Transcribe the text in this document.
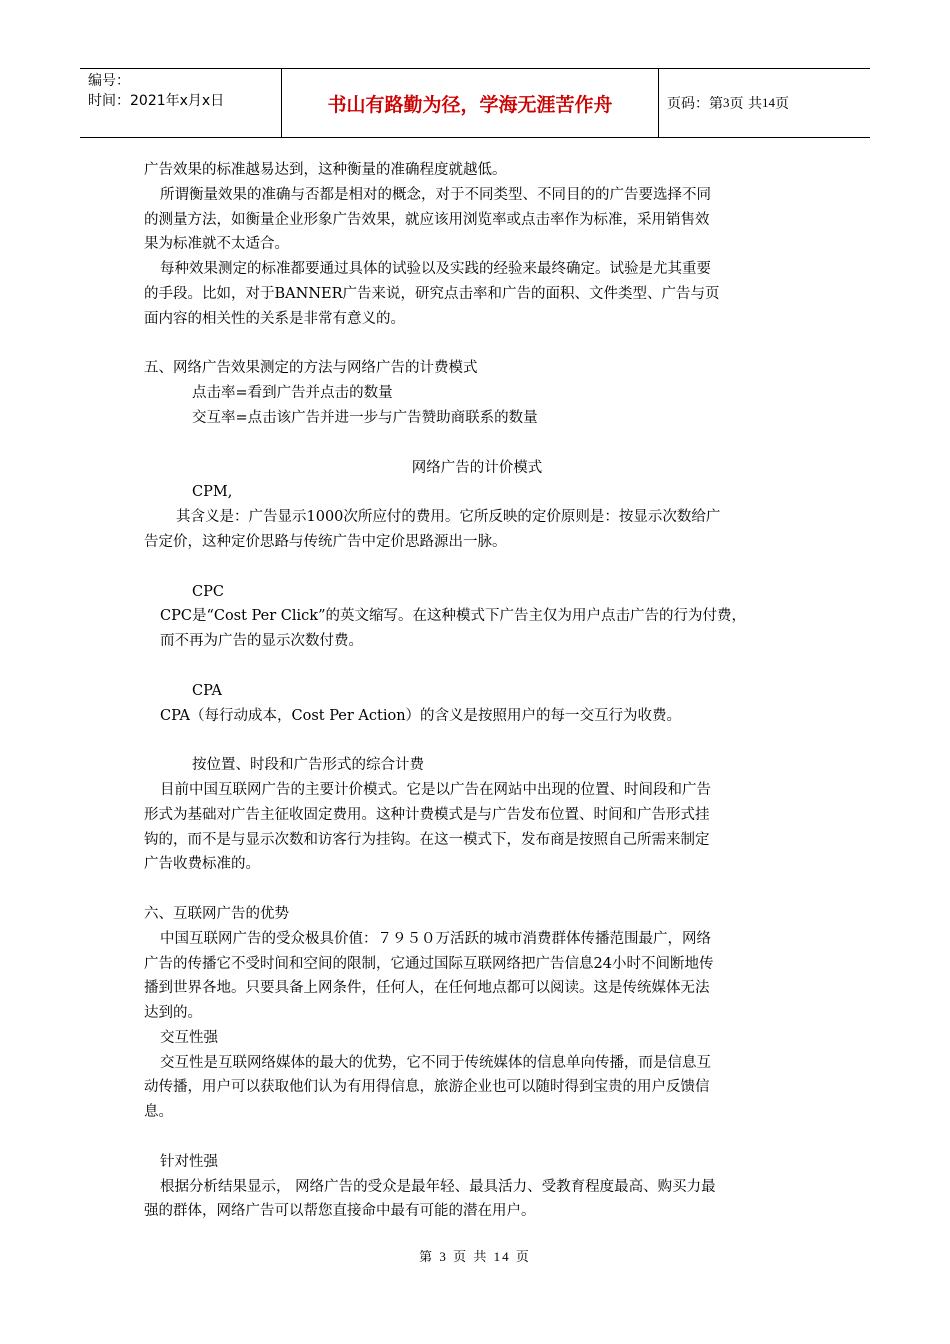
编号：
时间：2021年x月x日	书山有路勤为径，学海无涯苦作舟	页码：第 3 页 共 14 页

广告效果的标准越易达到，这种衡量的准确程度就越低。

所谓衡量效果的准确与否都是相对的概念，对于不同类型、不同目的的广告要选择不同

的测量方法，如衡量企业形象广告效果，就应该用浏览率或点击率作为标准，采用销售效

果为标准就不太适合。

每种效果测定的标准都要通过具体的试验以及实践的经验来最终确定。试验是尤其重要

的手段。比如，对于BANNER广告来说，研究点击率和广告的面积、文件类型、广告与页

面内容的相关性的关系是非常有意义的。

五、网络广告效果测定的方法与网络广告的计费模式

点击率=看到广告并点击的数量

交互率=点击该广告并进一步与广告赞助商联系的数量

网络广告的计价模式

CPM,

其含义是：广告显示1000次所应付的费用。它所反映的定价原则是：按显示次数给广

告定价，这种定价思路与传统广告中定价思路源出一脉。

CPC

CPC是“Cost Per Click”的英文缩写。在这种模式下广告主仅为用户点击广告的行为付费，

而不再为广告的显示次数付费。

CPA

CPA（每行动成本，Cost Per Action）的含义是按照用户的每一交互行为收费。

按位置、时段和广告形式的综合计费

目前中国互联网广告的主要计价模式。它是以广告在网站中出现的位置、时间段和广告

形式为基础对广告主征收固定费用。这种计费模式是与广告发布位置、时间和广告形式挂

钩的，而不是与显示次数和访客行为挂钩。在这一模式下，发布商是按照自己所需来制定

广告收费标准的。

六、互联网广告的优势

中国互联网广告的受众极具价值：７９５０万活跃的城市消费群体传播范围最广，网络

广告的传播它不受时间和空间的限制，它通过国际互联网络把广告信息24小时不间断地传

播到世界各地。只要具备上网条件，任何人，在任何地点都可以阅读。这是传统媒体无法

达到的。

交互性强

交互性是互联网络媒体的最大的优势，它不同于传统媒体的信息单向传播，而是信息互

动传播，用户可以获取他们认为有用得信息，旅游企业也可以随时得到宝贵的用户反馈信

息。

针对性强

根据分析结果显示， 网络广告的受众是最年轻、最具活力、受教育程度最高、购买力最

强的群体，网络广告可以帮您直接命中最有可能的潜在用户。

第 3 页 共 14 页
